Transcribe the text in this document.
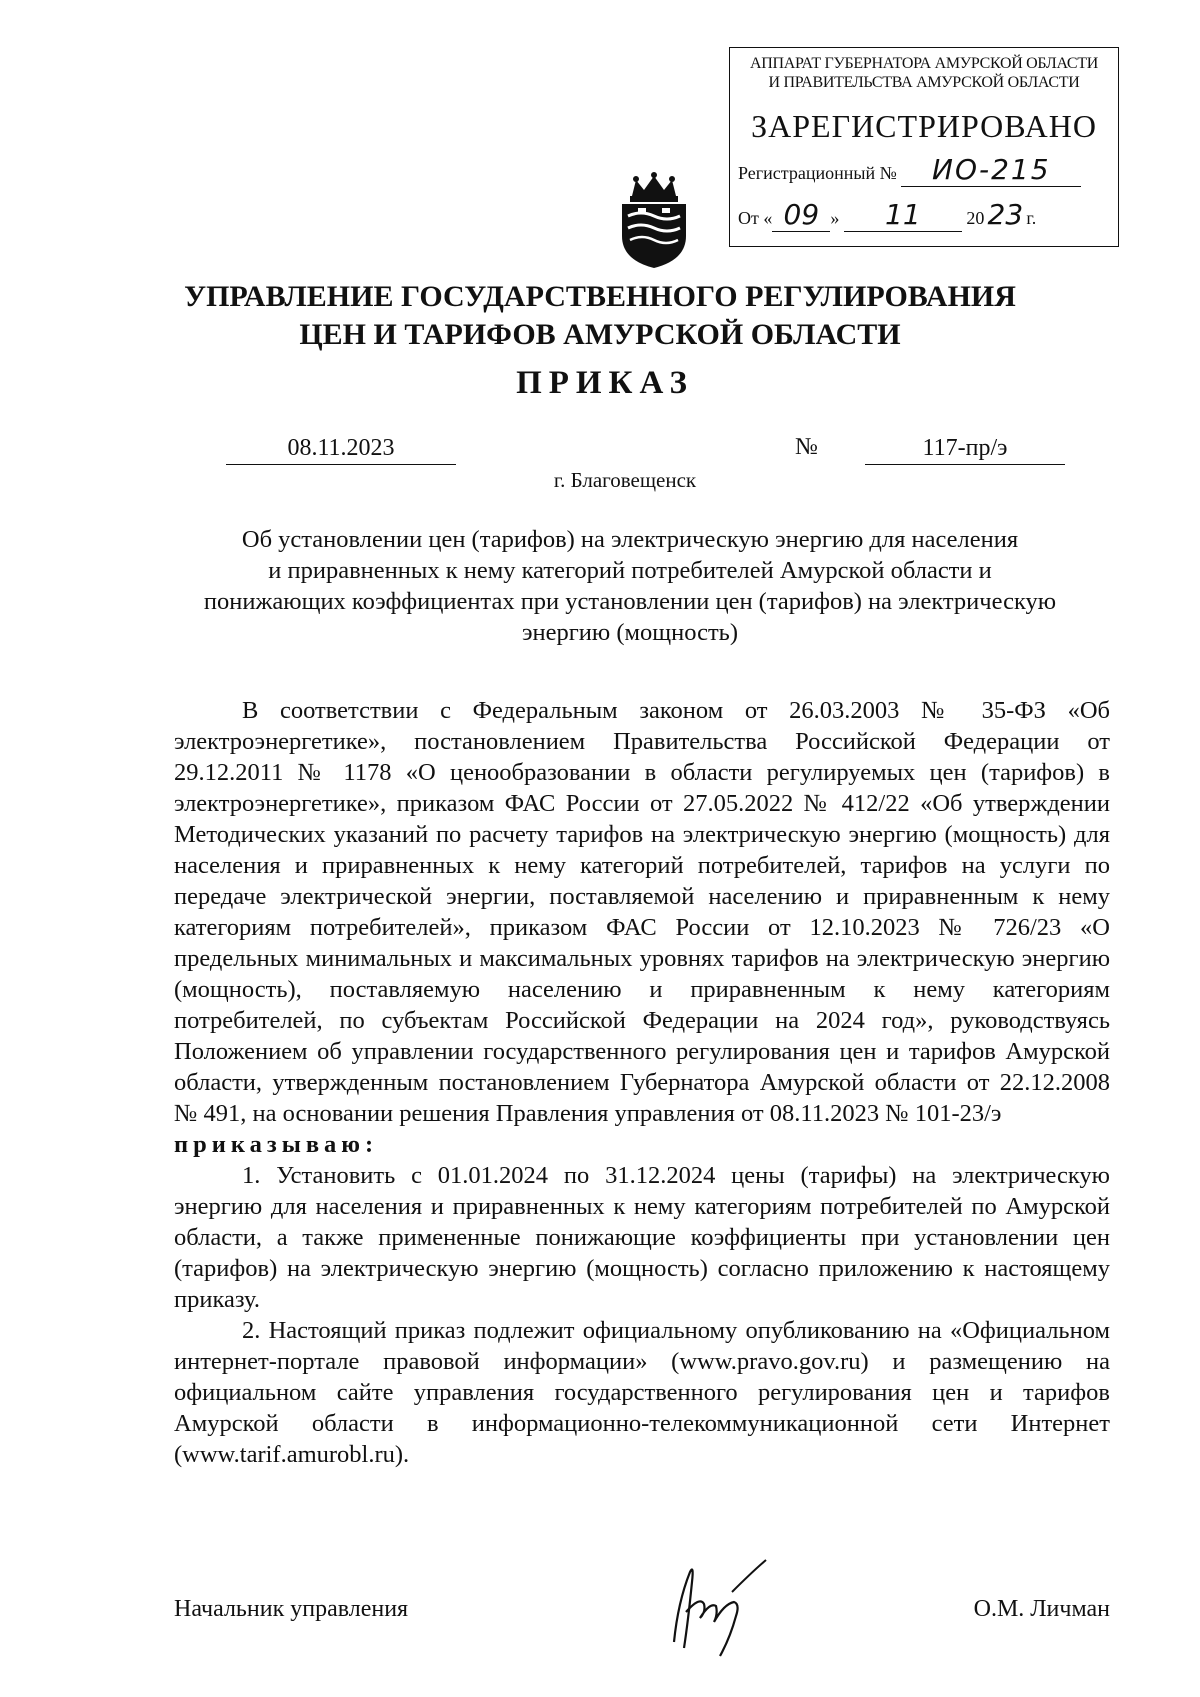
АППАРАТ ГУБЕРНАТОРА АМУРСКОЙ ОБЛАСТИ
И ПРАВИТЕЛЬСТВА АМУРСКОЙ ОБЛАСТИ
ЗАРЕГИСТРИРОВАНО
Регистрационный № ИО-215
От « 09 » 11	20 23 г.
УПРАВЛЕНИЕ ГОСУДАРСТВЕННОГО РЕГУЛИРОВАНИЯ
ЦЕН И ТАРИФОВ АМУРСКОЙ ОБЛАСТИ
ПРИКАЗ
08.11.2023	№	117-пр/э
г. Благовещенск
Об установлении цен (тарифов) на электрическую энергию для населения
и приравненных к нему категорий потребителей Амурской области и
понижающих коэффициентах при установлении цен (тарифов) на электрическую
энергию (мощность)

В соответствии с Федеральным законом от 26.03.2003 № 35-ФЗ «Об электроэнергетике», постановлением Правительства Российской Федерации от 29.12.2011 № 1178 «О ценообразовании в области регулируемых цен (тарифов) в электроэнергетике», приказом ФАС России от 27.05.2022 № 412/22 «Об утверждении Методических указаний по расчету тарифов на электрическую энергию (мощность) для населения и приравненных к нему категорий потребителей, тарифов на услуги по передаче электрической энергии, поставляемой населению и приравненным к нему категориям потребителей», приказом ФАС России от 12.10.2023 № 726/23 «О предельных минимальных и максимальных уровнях тарифов на электрическую энергию (мощность), поставляемую населению и приравненным к нему категориям потребителей, по субъектам Российской Федерации на 2024 год», руководствуясь Положением об управлении государственного регулирования цен и тарифов Амурской области, утвержденным постановлением Губернатора Амурской области от 22.12.2008 № 491, на основании решения Правления управления от 08.11.2023 № 101-23/э

приказываю:

1. Установить с 01.01.2024 по 31.12.2024 цены (тарифы) на электрическую энергию для населения и приравненных к нему категориям потребителей по Амурской области, а также примененные понижающие коэффициенты при установлении цен (тарифов) на электрическую энергию (мощность) согласно приложению к настоящему приказу.

2. Настоящий приказ подлежит официальному опубликованию на «Официальном интернет-портале правовой информации» (www.pravo.gov.ru) и размещению на официальном сайте управления государственного регулирования цен и тарифов Амурской области в информационно-телекоммуникационной сети Интернет (www.tarif.amurobl.ru).

Начальник управления	О.М. Личман
